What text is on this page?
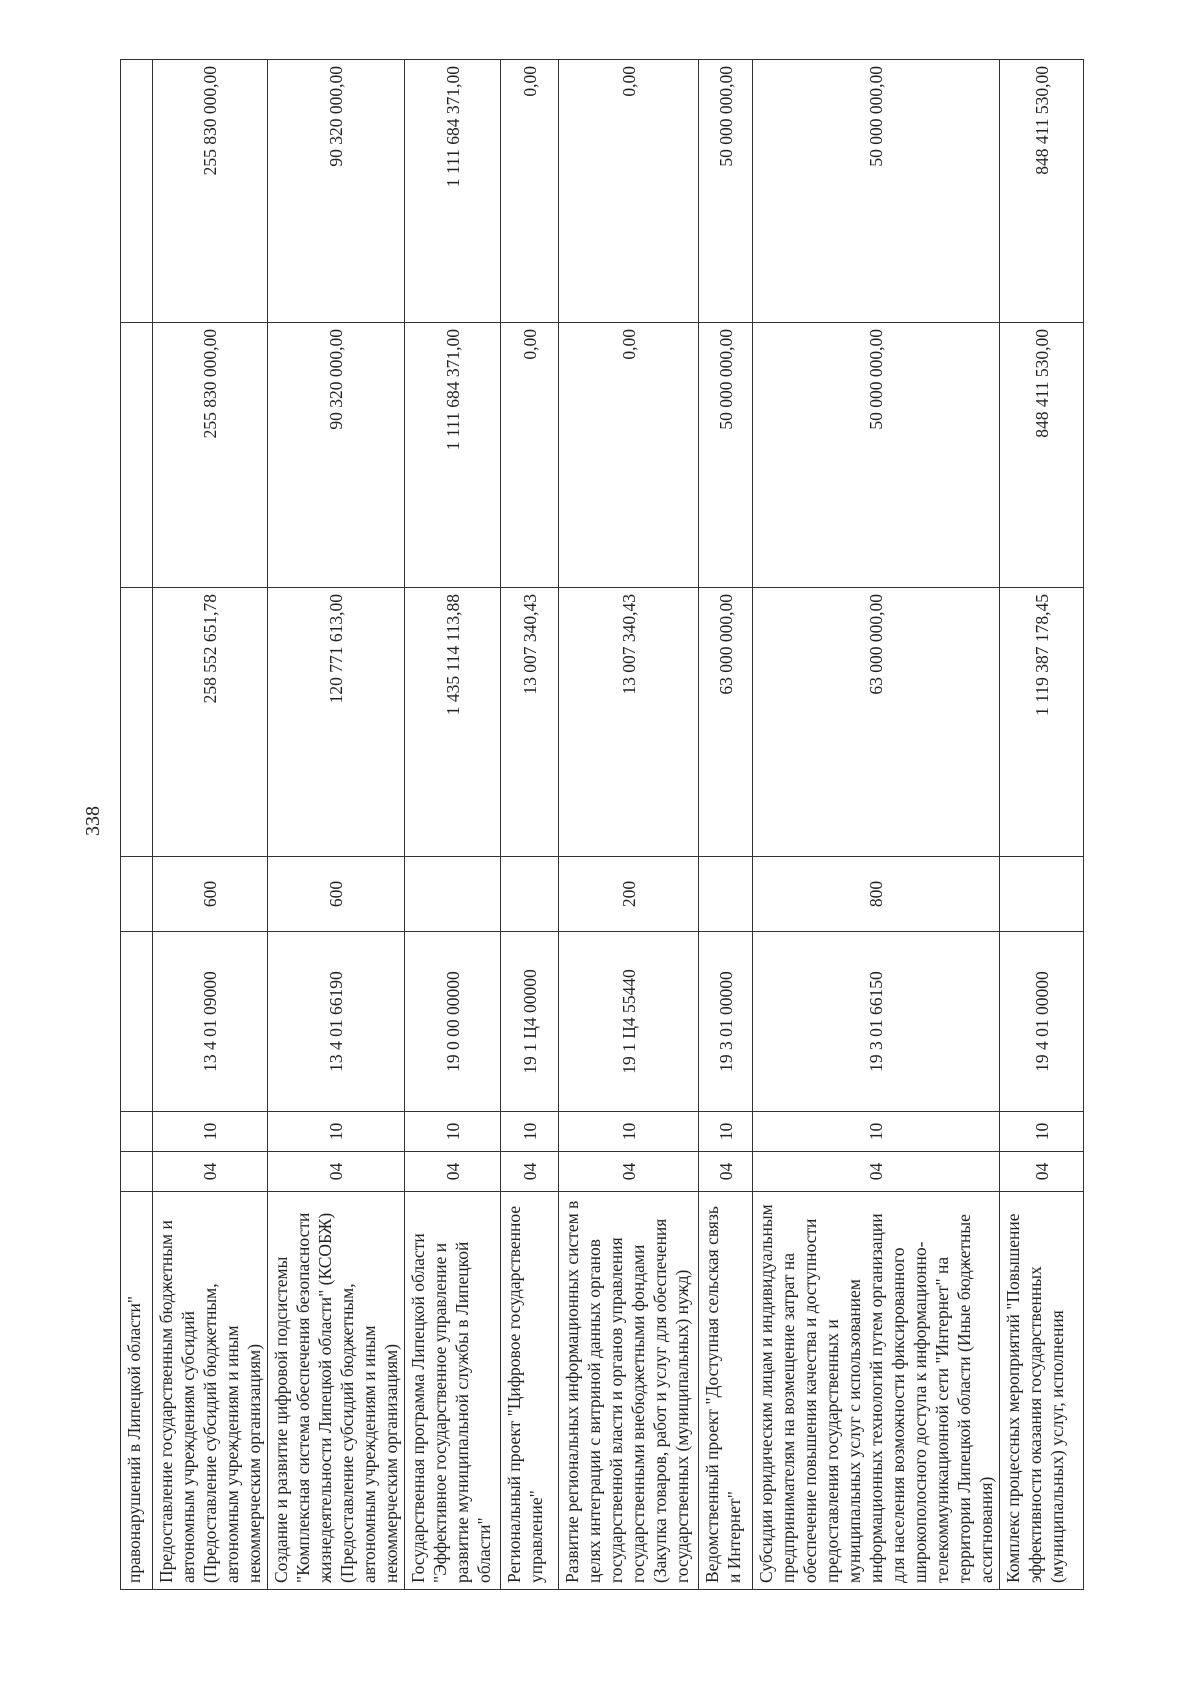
338
правонарушений в Липецкой области"							
Предоставление государственным бюджетным и автономным учреждениям субсидий (Предоставление субсидий бюджетным, автономным учреждениям и иным некоммерческим организациям)	04	10	13 4 01 09000	600	258 552 651,78	255 830 000,00	255 830 000,00
Создание и развитие цифровой подсистемы "Комплексная система обеспечения безопасности жизнедеятельности Липецкой области" (КСОБЖ) (Предоставление субсидий бюджетным, автономным учреждениям и иным некоммерческим организациям)	04	10	13 4 01 66190	600	120 771 613,00	90 320 000,00	90 320 000,00
Государственная программа Липецкой области "Эффективное государственное управление и развитие муниципальной службы в Липецкой области"	04	10	19 0 00 00000		1 435 114 113,88	1 111 684 371,00	1 111 684 371,00
Региональный проект "Цифровое государственное управление"	04	10	19 1 Ц4 00000		13 007 340,43	0,00	0,00
Развитие региональных информационных систем в целях интеграции с витриной данных органов государственной власти и органов управления государственными внебюджетными фондами (Закупка товаров, работ и услуг для обеспечения государственных (муниципальных) нужд)	04	10	19 1 Ц4 55440	200	13 007 340,43	0,00	0,00
Ведомственный проект "Доступная сельская связь и Интернет"	04	10	19 3 01 00000		63 000 000,00	50 000 000,00	50 000 000,00
Субсидии юридическим лицам и индивидуальным предпринимателям на возмещение затрат на обеспечение повышения качества и доступности предоставления государственных и муниципальных услуг с использованием информационных технологий путем организации для населения возможности фиксированного широкополосного доступа к информационно-телекоммуникационной сети "Интернет" на территории Липецкой области (Иные бюджетные ассигнования)	04	10	19 3 01 66150	800	63 000 000,00	50 000 000,00	50 000 000,00
Комплекс процессных мероприятий "Повышение эффективности оказания государственных (муниципальных) услуг, исполнения	04	10	19 4 01 00000		1 119 387 178,45	848 411 530,00	848 411 530,00
